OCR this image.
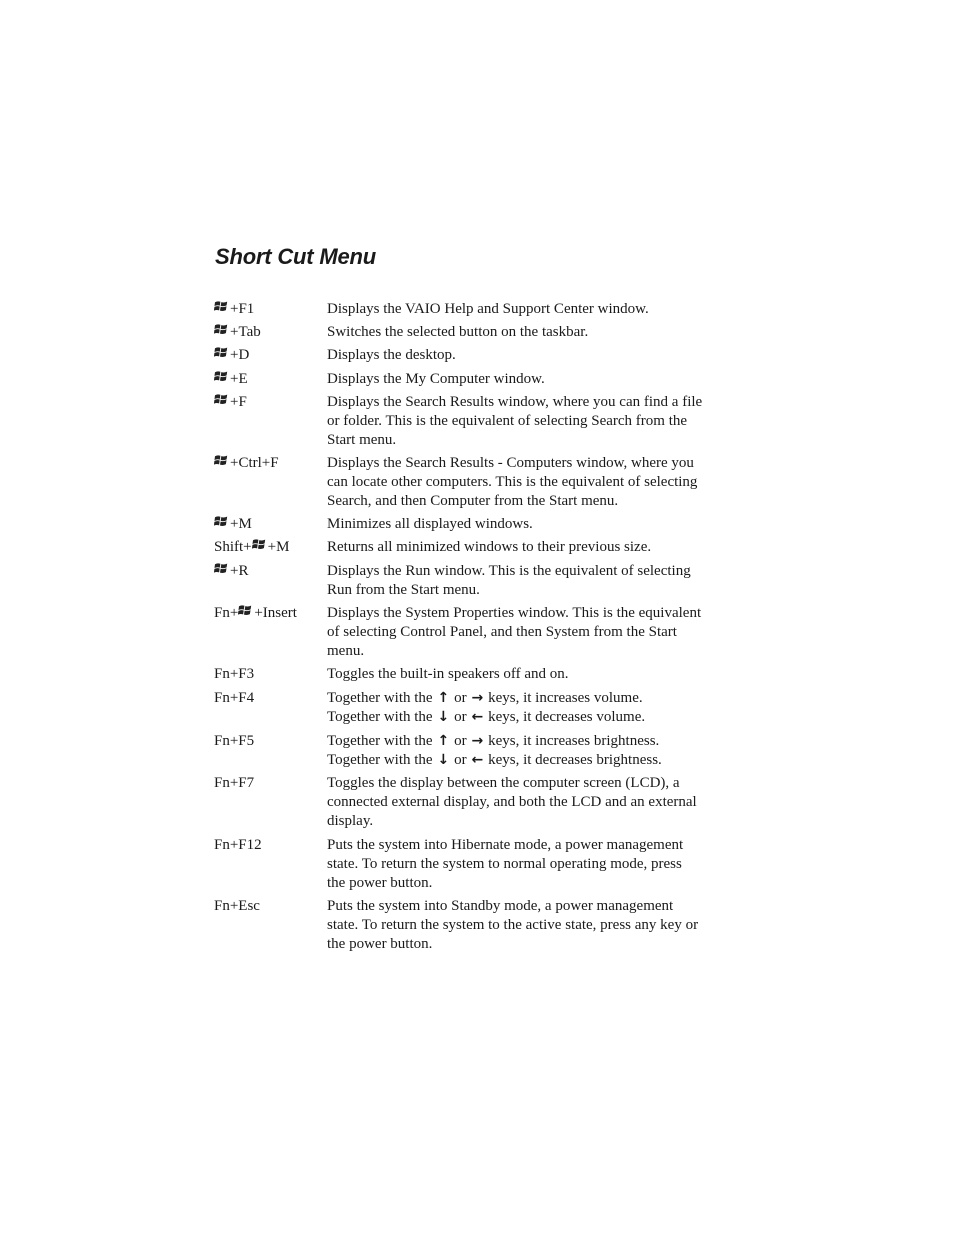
Short Cut Menu
+F1	Displays the VAIO Help and Support Center window.
+Tab	Switches the selected button on the taskbar.
+D	Displays the desktop.
+E	Displays the My Computer window.
+F	Displays the Search Results window, where you can find a file or folder. This is the equivalent of selecting Search from the Start menu.
+Ctrl+F	Displays the Search Results - Computers window, where you can locate other computers. This is the equivalent of selecting Search, and then Computer from the Start menu.
+M	Minimizes all displayed windows.
Shift+ +M	Returns all minimized windows to their previous size.
+R	Displays the Run window. This is the equivalent of selecting Run from the Start menu.
Fn+ +Insert	Displays the System Properties window. This is the equivalent of selecting Control Panel, and then System from the Start menu.
Fn+F3	Toggles the built-in speakers off and on.
Fn+F4	Together with the ↑ or → keys, it increases volume.
Together with the ↓ or ← keys, it decreases volume.
Fn+F5	Together with the ↑ or → keys, it increases brightness.
Together with the ↓ or ← keys, it decreases brightness.
Fn+F7	Toggles the display between the computer screen (LCD), a connected external display, and both the LCD and an external display.
Fn+F12	Puts the system into Hibernate mode, a power management state. To return the system to normal operating mode, press the power button.
Fn+Esc	Puts the system into Standby mode, a power management state. To return the system to the active state, press any key or the power button.
